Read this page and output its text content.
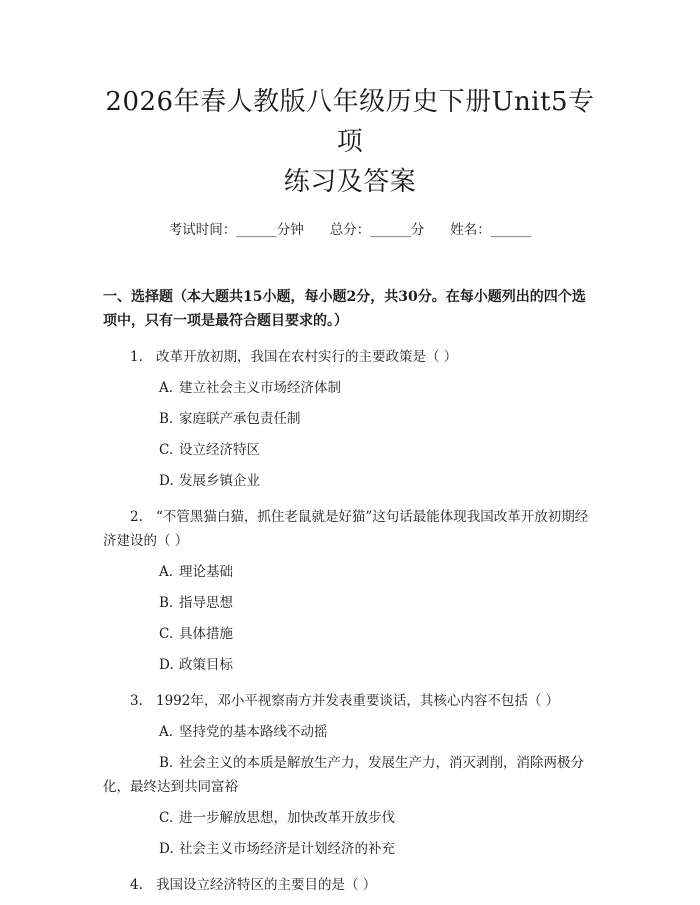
2026年春人教版八年级历史下册Unit5专项
练习及答案
考试时间：______分钟 总分：______分 姓名：______
一、选择题（本大题共15小题，每小题2分，共30分。在每小题列出的四个选项中，只有一项是最符合题目要求的。）
1. 改革开放初期，我国在农村实行的主要政策是（ ）
A. 建立社会主义市场经济体制
B. 家庭联产承包责任制
C. 设立经济特区
D. 发展乡镇企业
2. “不管黑猫白猫，抓住老鼠就是好猫”这句话最能体现我国改革开放初期经济建设的（ ）
A. 理论基础
B. 指导思想
C. 具体措施
D. 政策目标
3. 1992年，邓小平视察南方并发表重要谈话，其核心内容不包括（ ）
A. 坚持党的基本路线不动摇
B. 社会主义的本质是解放生产力，发展生产力，消灭剥削，消除两极分化，最终达到共同富裕
C. 进一步解放思想，加快改革开放步伐
D. 社会主义市场经济是计划经济的补充
4. 我国设立经济特区的主要目的是（ ）
